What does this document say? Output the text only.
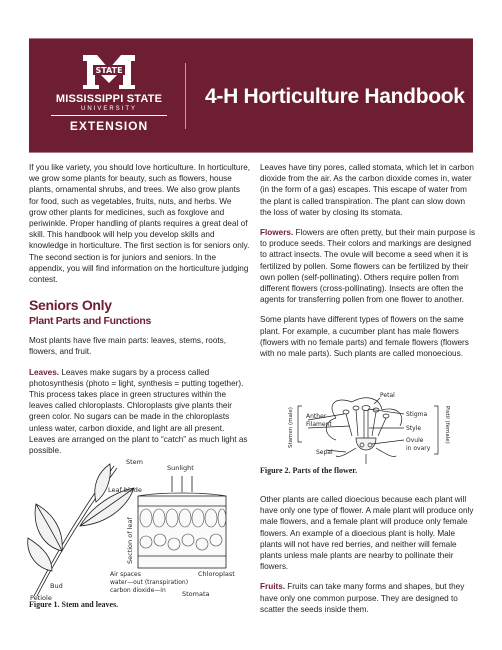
STATE
MISSISSIPPI STATE
UNIVERSITY
EXTENSION
4-H Horticulture Handbook

If you like variety, you should love horticulture. In horticulture, we grow some plants for beauty, such as flowers, house plants, ornamental shrubs, and trees. We also grow plants for food, such as vegetables, fruits, nuts, and herbs. We grow other plants for medicines, such as foxglove and periwinkle. Proper handling of plants requires a great deal of skill. This handbook will help you develop skills and knowledge in horticulture. The first section is for seniors only. The second section is for juniors and seniors. In the appendix, you will find information on the horticulture judging contest.

Seniors Only
Plant Parts and Functions

Most plants have five main parts: leaves, stems, roots, flowers, and fruit.

Leaves. Leaves make sugars by a process called photosynthesis (photo = light, synthesis = putting together). This process takes place in green structures within the leaves called chloroplasts. Chloroplasts give plants their green color. No sugars can be made in the chloroplasts unless water, carbon dioxide, and light are all present. Leaves are arranged on the plant to “catch” as much light as possible.

Sunlight
Stem
Leaf blade
Section of leaf
Bud
Petiole
Chloroplast
Air spaces
water—out (transpiration)
carbon dioxide—in Stomata
Figure 1. Stem and leaves.

Leaves have tiny pores, called stomata, which let in carbon dioxide from the air. As the carbon dioxide comes in, water (in the form of a gas) escapes. This escape of water from the plant is called transpiration. The plant can slow down the loss of water by closing its stomata.

Flowers. Flowers are often pretty, but their main purpose is to produce seeds. Their colors and markings are designed to attract insects. The ovule will become a seed when it is fertilized by pollen. Some flowers can be fertilized by their own pollen (self-pollinating). Others require pollen from different flowers (cross-pollinating). Insects are often the agents for transferring pollen from one flower to another.

Some plants have different types of flowers on the same plant. For example, a cucumber plant has male flowers (flowers with no female parts) and female flowers (flowers with no male parts). Such plants are called monoecious.

Petal
Stamen (male) Anther
Filament
Stigma
Style
Ovule
in ovary
Pistil (female)
Sepal
Figure 2. Parts of the flower.

Other plants are called dioecious because each plant will have only one type of flower. A male plant will produce only male flowers, and a female plant will produce only female flowers. An example of a dioecious plant is holly. Male plants will not have red berries, and neither will female plants unless male plants are nearby to pollinate their flowers.

Fruits. Fruits can take many forms and shapes, but they have only one common purpose. They are designed to scatter the seeds inside them.
